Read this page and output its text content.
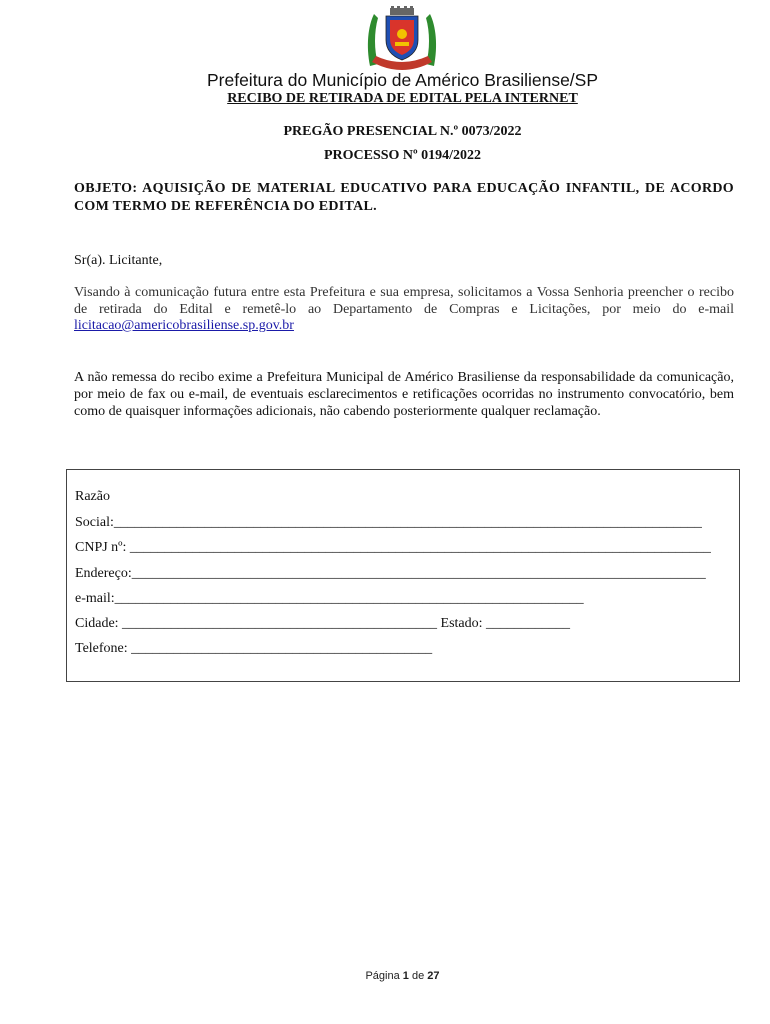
Prefeitura do Município de Américo Brasiliense/SP
RECIBO DE RETIRADA DE EDITAL PELA INTERNET
PREGÃO PRESENCIAL N.º 0073/2022
PROCESSO Nº 0194/2022
OBJETO: AQUISIÇÃO DE MATERIAL EDUCATIVO PARA EDUCAÇÃO INFANTIL, DE ACORDO COM TERMO DE REFERÊNCIA DO EDITAL.
Sr(a). Licitante,
Visando à comunicação futura entre esta Prefeitura e sua empresa, solicitamos a Vossa Senhoria preencher o recibo de retirada do Edital e remetê-lo ao Departamento de Compras e Licitações, por meio do e-mail licitacao@americobrasiliense.sp.gov.br
A não remessa do recibo exime a Prefeitura Municipal de Américo Brasiliense da responsabilidade da comunicação, por meio de fax ou e-mail, de eventuais esclarecimentos e retificações ocorridas no instrumento convocatório, bem como de quaisquer informações adicionais, não cabendo posteriormente qualquer reclamação.
Razão
Social:____________________________________________________________________________________
CNPJ nº: ___________________________________________________________________________________
Endereço:__________________________________________________________________________________
e-mail:___________________________________________________________________
Cidade: _____________________________________________ Estado: ____________
Telefone: ___________________________________________
Página 1 de 27
